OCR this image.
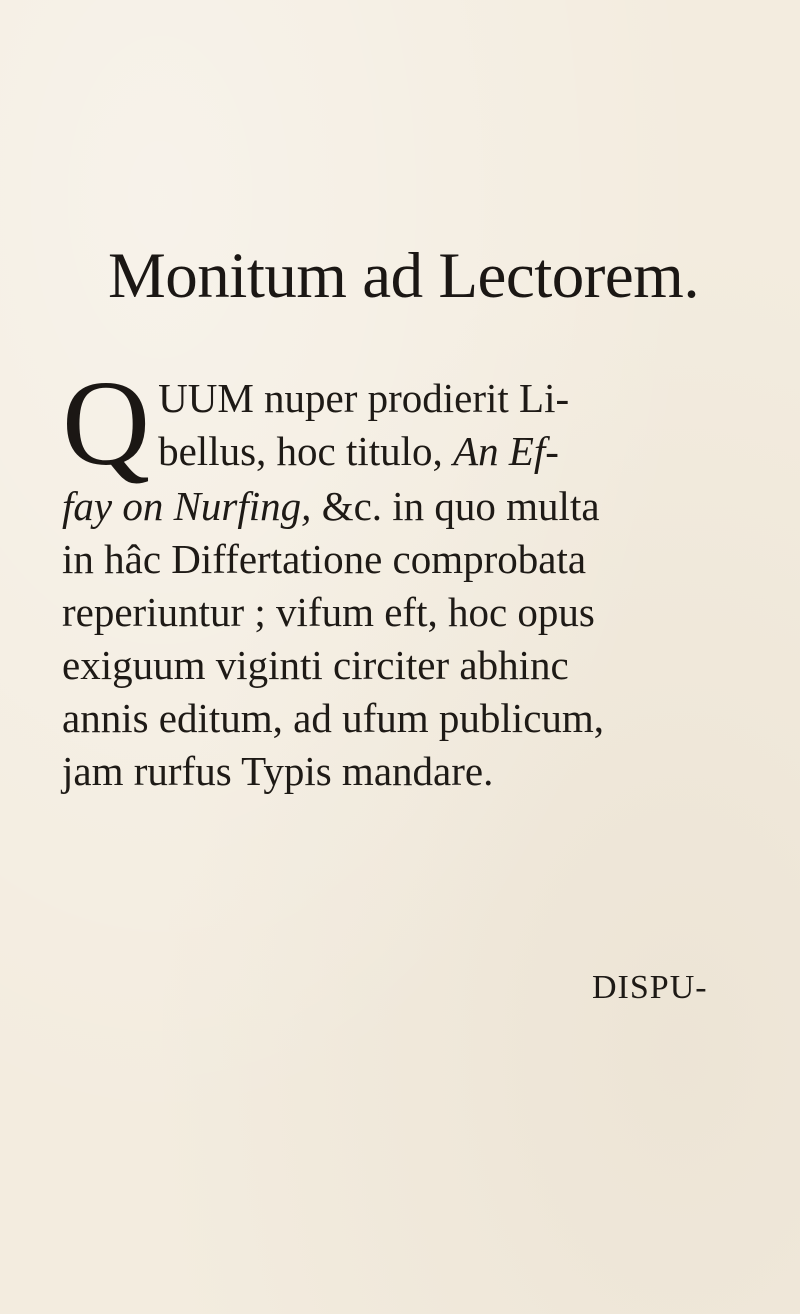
Monitum ad Lectorem.
Q UUM nuper prodierit Li-
bellus, hoc titulo, An Ef-
fay on Nurfing, &c. in quo multa
in hâc Differtatione comprobata
reperiuntur ; vifum eft, hoc opus
exiguum viginti circiter abhinc
annis editum, ad ufum publicum,
jam rurfus Typis mandare.
DISPU-
